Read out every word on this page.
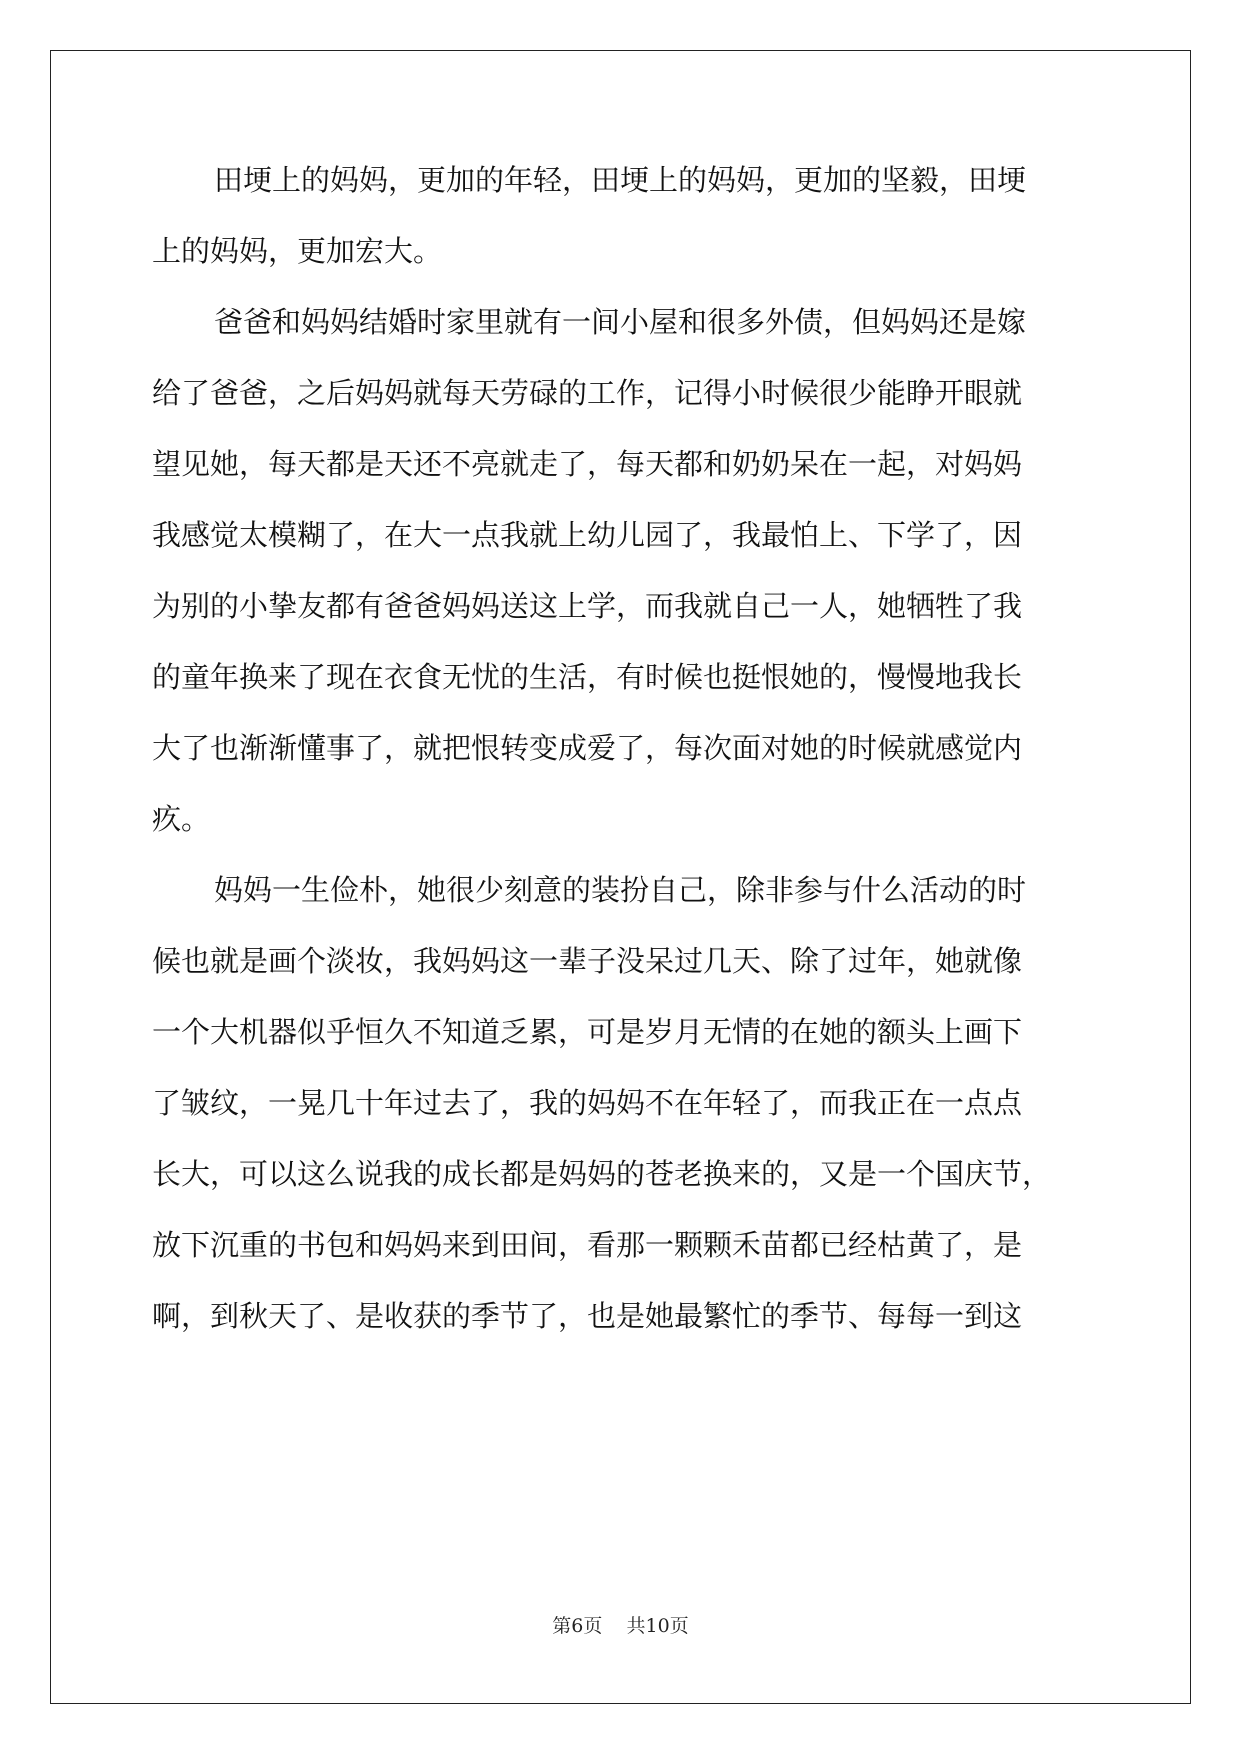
田埂上的妈妈，更加的年轻，田埂上的妈妈，更加的坚毅，田埂
上的妈妈，更加宏大。
爸爸和妈妈结婚时家里就有一间小屋和很多外债，但妈妈还是嫁
给了爸爸，之后妈妈就每天劳碌的工作，记得小时候很少能睁开眼就
望见她，每天都是天还不亮就走了，每天都和奶奶呆在一起，对妈妈
我感觉太模糊了，在大一点我就上幼儿园了，我最怕上、下学了，因
为别的小挚友都有爸爸妈妈送这上学，而我就自己一人，她牺牲了我
的童年换来了现在衣食无忧的生活，有时候也挺恨她的，慢慢地我长
大了也渐渐懂事了，就把恨转变成爱了，每次面对她的时候就感觉内
疚。
妈妈一生俭朴，她很少刻意的装扮自己，除非参与什么活动的时
候也就是画个淡妆，我妈妈这一辈子没呆过几天、除了过年，她就像
一个大机器似乎恒久不知道乏累，可是岁月无情的在她的额头上画下
了皱纹，一晃几十年过去了，我的妈妈不在年轻了，而我正在一点点
长大，可以这么说我的成长都是妈妈的苍老换来的，又是一个国庆节，
放下沉重的书包和妈妈来到田间，看那一颗颗禾苗都已经枯黄了，是
啊，到秋天了、是收获的季节了，也是她最繁忙的季节、每每一到这
第6页 共10页
